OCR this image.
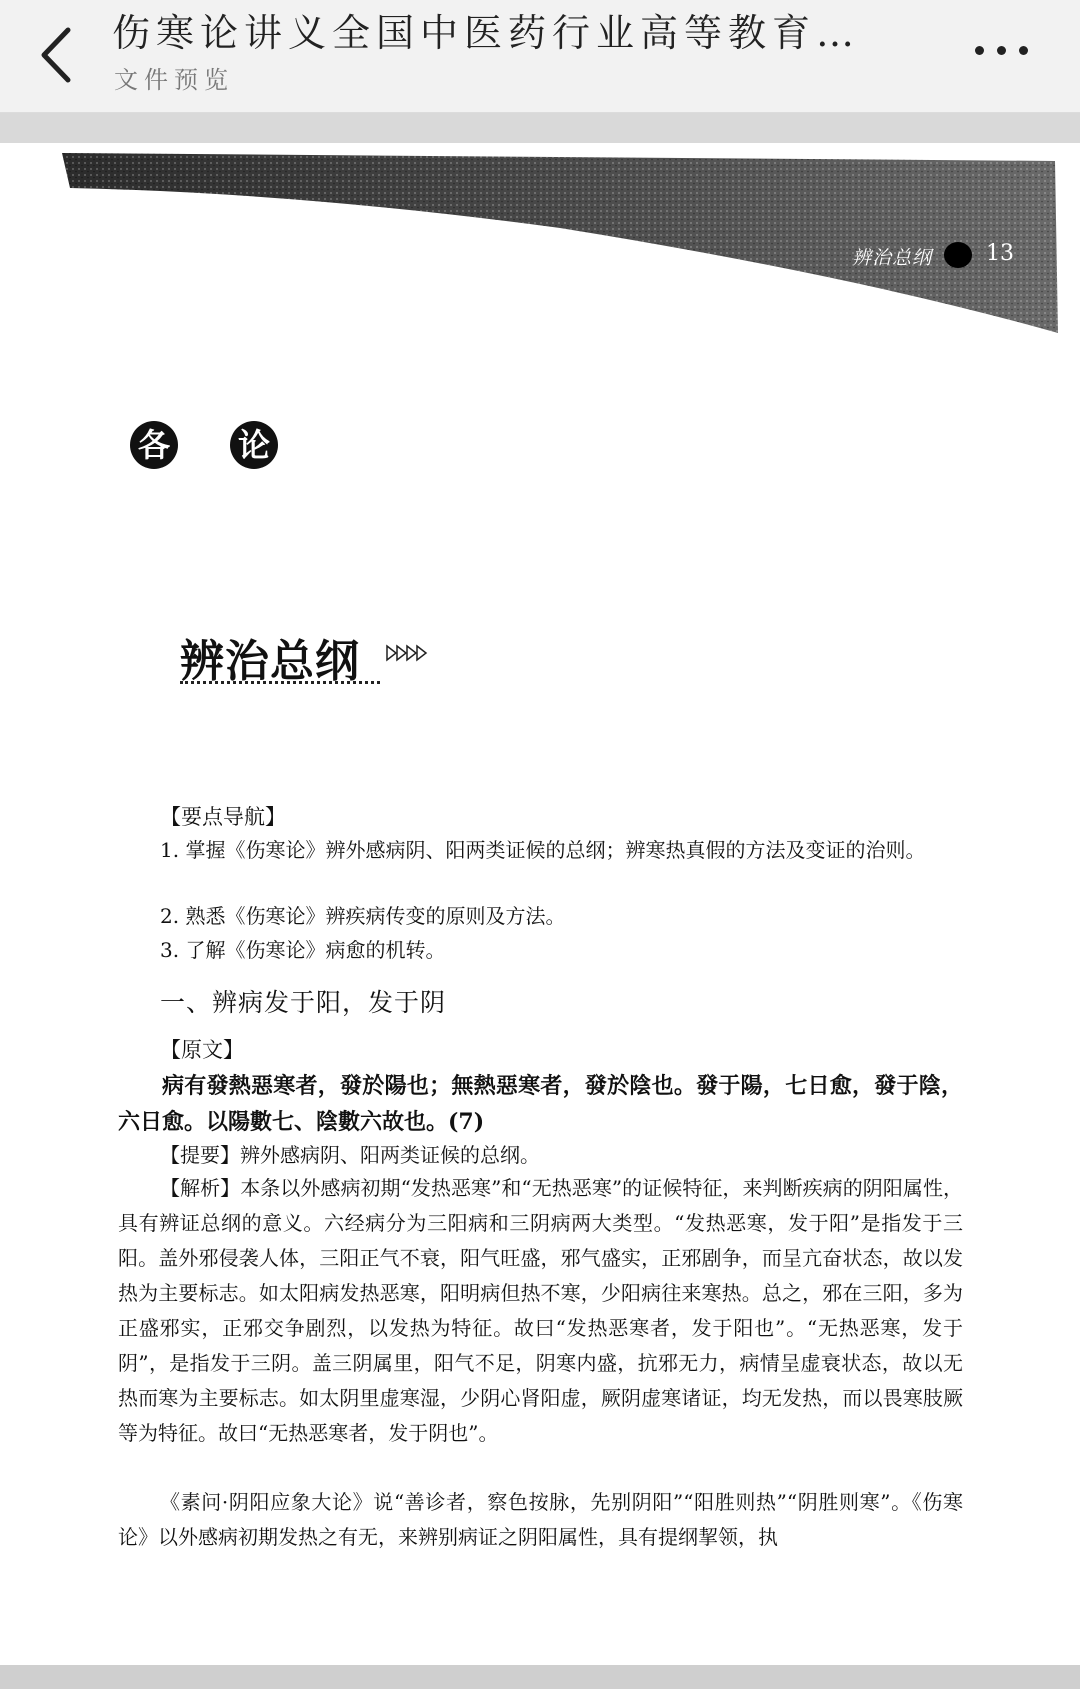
伤寒论讲义全国中医药行业高等教育…
文件预览
辨治总纲 13
各 论
辨治总纲
【要点导航】
1. 掌握《伤寒论》辨外感病阴、阳两类证候的总纲；辨寒热真假的方法及变证的治则。
2. 熟悉《伤寒论》辨疾病传变的原则及方法。
3. 了解《伤寒论》病愈的机转。
一、辨病发于阳，发于阴
【原文】
病有發熱惡寒者，發於陽也；無熱惡寒者，發於陰也。發于陽，七日愈，發于陰，六日愈。以陽數七、陰數六故也。(7)
【提要】辨外感病阴、阳两类证候的总纲。
【解析】本条以外感病初期“发热恶寒”和“无热恶寒”的证候特征，来判断疾病的阴阳属性，具有辨证总纲的意义。六经病分为三阳病和三阴病两大类型。“发热恶寒，发于阳”是指发于三阳。盖外邪侵袭人体，三阳正气不衰，阳气旺盛，邪气盛实，正邪剧争，而呈亢奋状态，故以发热为主要标志。如太阳病发热恶寒，阳明病但热不寒，少阳病往来寒热。总之，邪在三阳，多为正盛邪实，正邪交争剧烈，以发热为特征。故曰“发热恶寒者，发于阳也”。“无热恶寒，发于阴”，是指发于三阴。盖三阴属里，阳气不足，阴寒内盛，抗邪无力，病情呈虚衰状态，故以无热而寒为主要标志。如太阴里虚寒湿，少阴心肾阳虚，厥阴虚寒诸证，均无发热，而以畏寒肢厥等为特征。故曰“无热恶寒者，发于阴也”。
《素问·阴阳应象大论》说“善诊者，察色按脉，先别阴阳”“阳胜则热”“阴胜则寒”。《伤寒论》以外感病初期发热之有无，来辨别病证之阴阳属性，具有提纲挈领，执
